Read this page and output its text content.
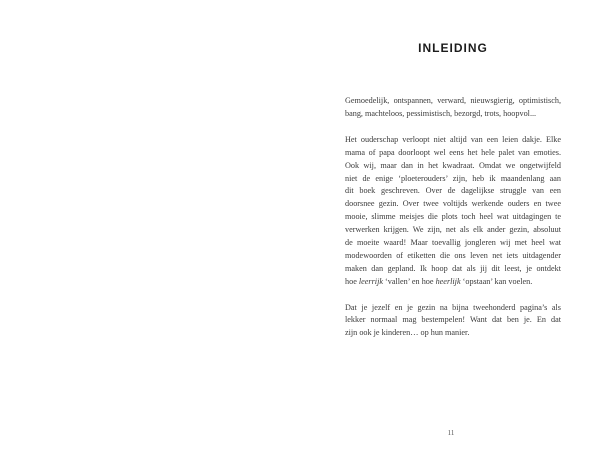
INLEIDING

Gemoedelijk, ontspannen, verward, nieuwsgierig, optimistisch,
bang, machteloos, pessimistisch, bezorgd, trots, hoopvol...

Het ouderschap verloopt niet altijd van een leien dakje. Elke
mama of papa doorloopt wel eens het hele palet van emoties.
Ook wij, maar dan in het kwadraat. Omdat we ongetwijfeld
niet de enige ‘ploeterouders’ zijn, heb ik maandenlang aan
dit boek geschreven. Over de dagelijkse struggle van een
doorsnee gezin. Over twee voltijds werkende ouders en twee
mooie, slimme meisjes die plots toch heel wat uitdagingen te
verwerken krijgen. We zijn, net als elk ander gezin, absoluut
de moeite waard! Maar toevallig jongleren wij met heel wat
modewoorden of etiketten die ons leven net iets uitdagender
maken dan gepland. Ik hoop dat als jij dit leest, je ontdekt
hoe leerrijk ‘vallen’ en hoe heerlijk ‘opstaan’ kan voelen.

Dat je jezelf en je gezin na bijna tweehonderd pagina’s als
lekker normaal mag bestempelen! Want dat ben je. En dat
zijn ook je kinderen… op hun manier.

11
